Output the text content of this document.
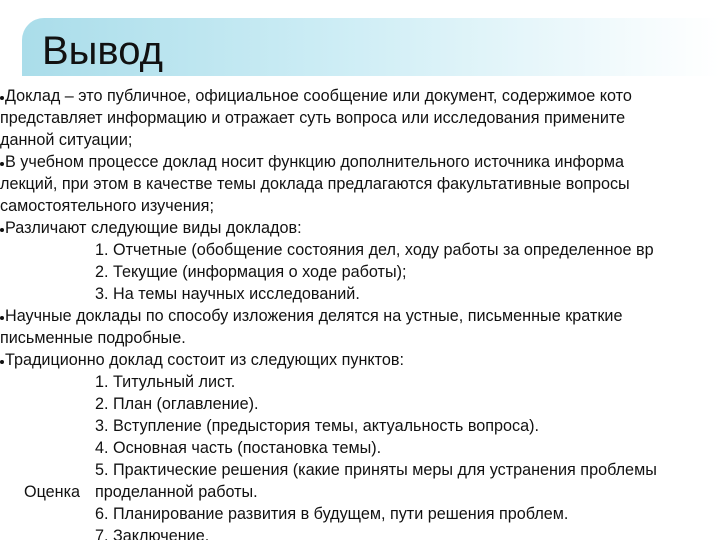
Вывод
Доклад – это публичное, официальное сообщение или документ, содержимое кото
представляет информацию и отражает суть вопроса или исследования примените
данной ситуации;
В учебном процессе доклад носит функцию дополнительного источника информа
лекций, при этом в качестве темы доклада предлагаются факультативные вопросы
самостоятельного изучения;
Различают следующие виды докладов:
1. Отчетные (обобщение состояния дел, ходу работы за определенное вр
2. Текущие (информация о ходе работы);
3. На темы научных исследований.
Научные доклады по способу изложения делятся на устные, письменные краткие
письменные подробные.
Традиционно доклад состоит из следующих пунктов:
1. Титульный лист.
2. План (оглавление).
3. Вступление (предыстория темы, актуальность вопроса).
4. Основная часть (постановка темы).
5. Практические решения (какие приняты меры для устранения проблемы
Оценка проделанной работы.
6. Планирование развития в будущем, пути решения проблем.
7. Заключение.
